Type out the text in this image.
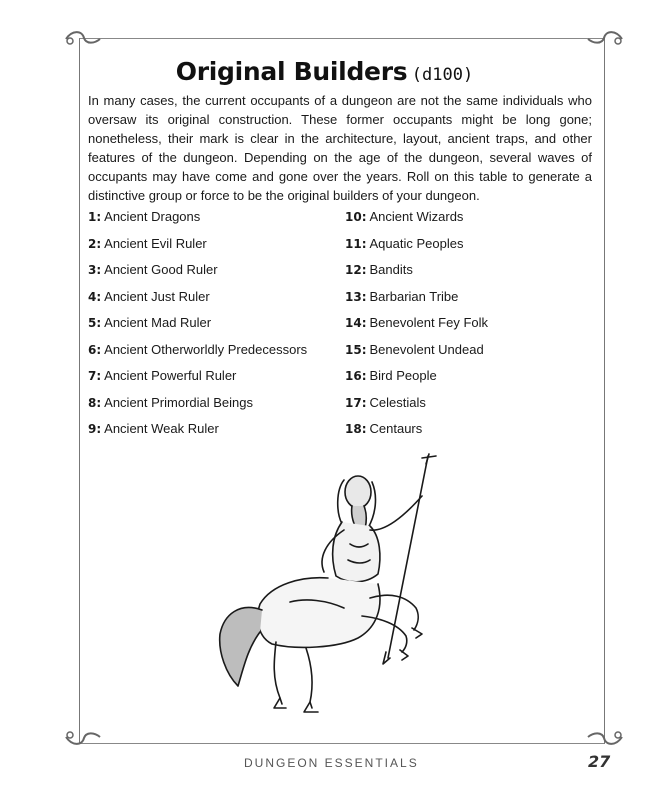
Original Builders (d100)

In many cases, the current occupants of a dungeon are not the same individuals who oversaw its original construction. These former occupants might be long gone; nonetheless, their mark is clear in the architecture, layout, ancient traps, and other features of the dungeon. Depending on the age of the dungeon, several waves of occupants may have come and gone over the years. Roll on this table to generate a distinctive group or force to be the original builders of your dungeon.

1: Ancient Dragons
2: Ancient Evil Ruler
3: Ancient Good Ruler
4: Ancient Just Ruler
5: Ancient Mad Ruler
6: Ancient Otherworldly Predecessors
7: Ancient Powerful Ruler
8: Ancient Primordial Beings
9: Ancient Weak Ruler
10: Ancient Wizards
11: Aquatic Peoples
12: Bandits
13: Barbarian Tribe
14: Benevolent Fey Folk
15: Benevolent Undead
16: Bird People
17: Celestials
18: Centaurs
DUNGEON ESSENTIALS	27
